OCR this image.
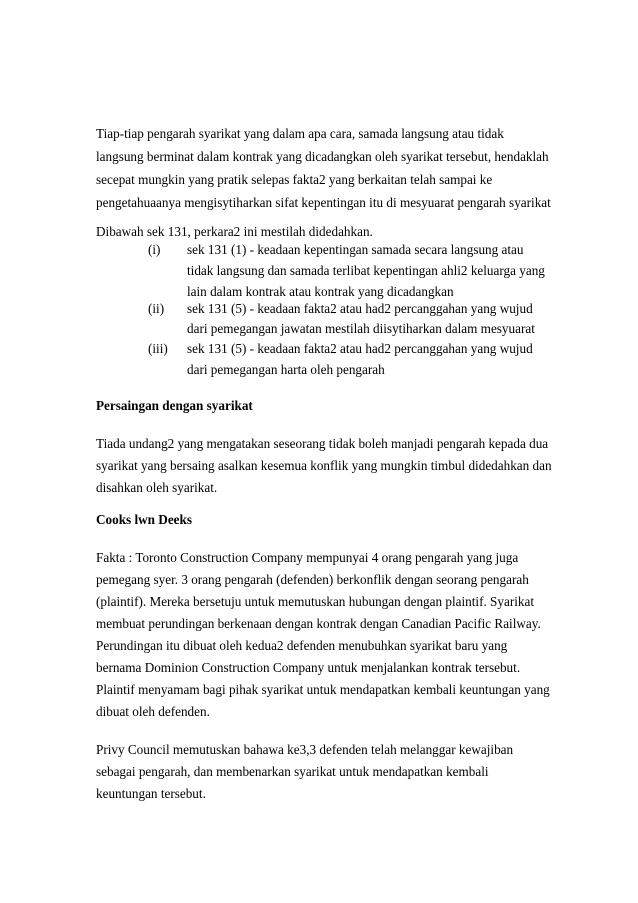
Tiap-tiap pengarah syarikat yang dalam apa cara, samada langsung atau tidak
langsung berminat dalam kontrak yang dicadangkan oleh syarikat tersebut, hendaklah
secepat mungkin yang pratik selepas fakta2 yang berkaitan telah sampai ke
pengetahuaanya mengisytiharkan sifat kepentingan itu di mesyuarat pengarah syarikat
Dibawah sek 131, perkara2 ini mestilah didedahkan.
(i) sek 131 (1) - keadaan kepentingan samada secara langsung atau
tidak langsung dan samada terlibat kepentingan ahli2 keluarga yang
lain dalam kontrak atau kontrak yang dicadangkan
(ii) sek 131 (5) - keadaan fakta2 atau had2 percanggahan yang wujud
dari pemegangan jawatan mestilah diisytiharkan dalam mesyuarat
(iii) sek 131 (5) - keadaan fakta2 atau had2 percanggahan yang wujud
dari pemegangan harta oleh pengarah
Persaingan dengan syarikat
Tiada undang2 yang mengatakan seseorang tidak boleh manjadi pengarah kepada dua
syarikat yang bersaing asalkan kesemua konflik yang mungkin timbul didedahkan dan
disahkan oleh syarikat.
Cooks lwn Deeks
Fakta : Toronto Construction Company mempunyai 4 orang pengarah yang juga
pemegang syer. 3 orang pengarah (defenden) berkonflik dengan seorang pengarah
(plaintif). Mereka bersetuju untuk memutuskan hubungan dengan plaintif. Syarikat
membuat perundingan berkenaan dengan kontrak dengan Canadian Pacific Railway.
Perundingan itu dibuat oleh kedua2 defenden menubuhkan syarikat baru yang
bernama Dominion Construction Company untuk menjalankan kontrak tersebut.
Plaintif menyamam bagi pihak syarikat untuk mendapatkan kembali keuntungan yang
dibuat oleh defenden.
Privy Council memutuskan bahawa ke3,3 defenden telah melanggar kewajiban
sebagai pengarah, dan membenarkan syarikat untuk mendapatkan kembali
keuntungan tersebut.
